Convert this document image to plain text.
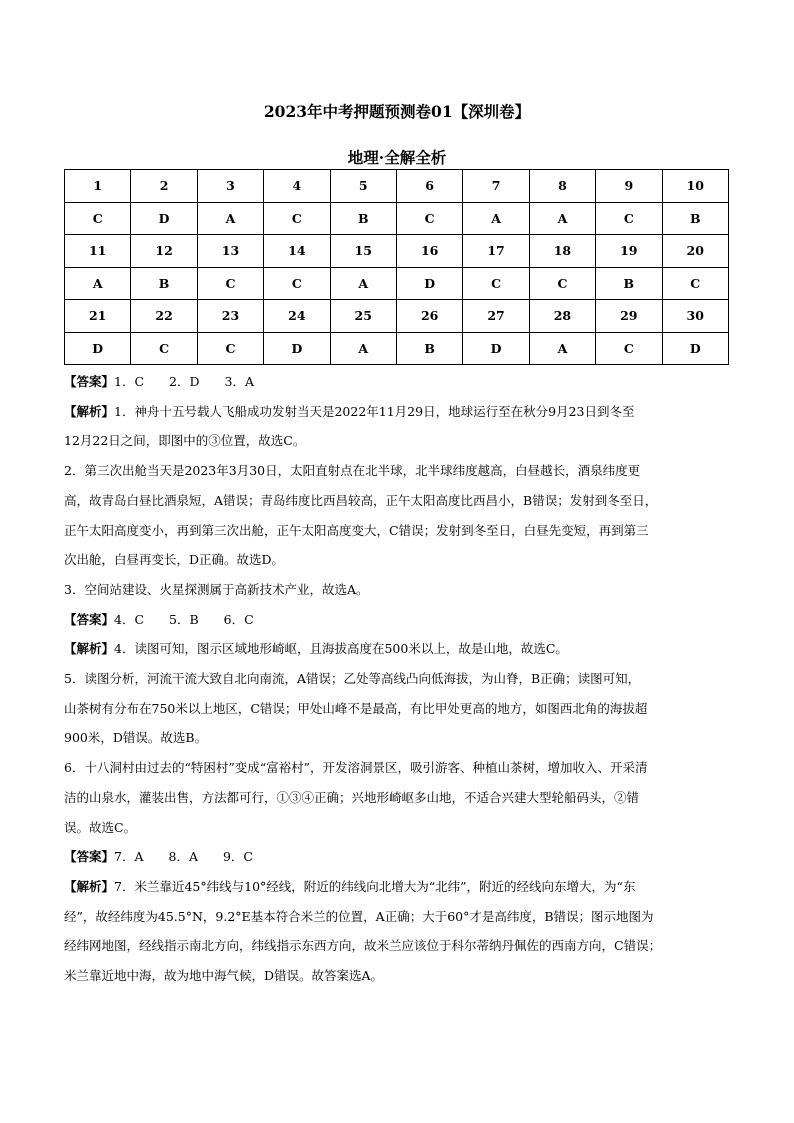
2023年中考押题预测卷01【深圳卷】
地理·全解全析
1	2	3	4	5	6	7	8	9	10
C	D	A	C	B	C	A	A	C	B
11	12	13	14	15	16	17	18	19	20
A	B	C	C	A	D	C	C	B	C
21	22	23	24	25	26	27	28	29	30
D	C	C	D	A	B	D	A	C	D

【答案】1．C　　2．D　　3．A

【解析】1．神舟十五号载人飞船成功发射当天是2022年11月29日，地球运行至在秋分9月23日到冬至

12月22日之间，即图中的③位置，故选C。

2．第三次出舱当天是2023年3月30日，太阳直射点在北半球，北半球纬度越高，白昼越长，酒泉纬度更

高，故青岛白昼比酒泉短，A错误；青岛纬度比西昌较高，正午太阳高度比西昌小，B错误；发射到冬至日，

正午太阳高度变小，再到第三次出舱，正午太阳高度变大，C错误；发射到冬至日，白昼先变短，再到第三

次出舱，白昼再变长，D正确。故选D。

3．空间站建设、火星探测属于高新技术产业，故选A。

【答案】4．C　　5．B　　6．C

【解析】4．读图可知，图示区域地形崎岖，且海拔高度在500米以上，故是山地，故选C。

5．读图分析，河流干流大致自北向南流，A错误；乙处等高线凸向低海拔，为山脊，B正确；读图可知，

山茶树有分布在750米以上地区，C错误；甲处山峰不是最高，有比甲处更高的地方，如图西北角的海拔超

900米，D错误。故选B。

6．十八洞村由过去的“特困村”变成“富裕村”，开发溶洞景区，吸引游客、种植山茶树，增加收入、开采清

洁的山泉水，灌装出售，方法都可行，①③④正确；兴地形崎岖多山地，不适合兴建大型轮船码头，②错

误。故选C。

【答案】7．A　　8．A　　9．C

【解析】7．米兰靠近45°纬线与10°经线，附近的纬线向北增大为“北纬”，附近的经线向东增大，为“东

经”，故经纬度为45.5°N，9.2°E基本符合米兰的位置，A正确；大于60°才是高纬度，B错误；图示地图为

经纬网地图，经线指示南北方向，纬线指示东西方向，故米兰应该位于科尔蒂纳丹佩佐的西南方向，C错误；

米兰靠近地中海，故为地中海气候，D错误。故答案选A。
